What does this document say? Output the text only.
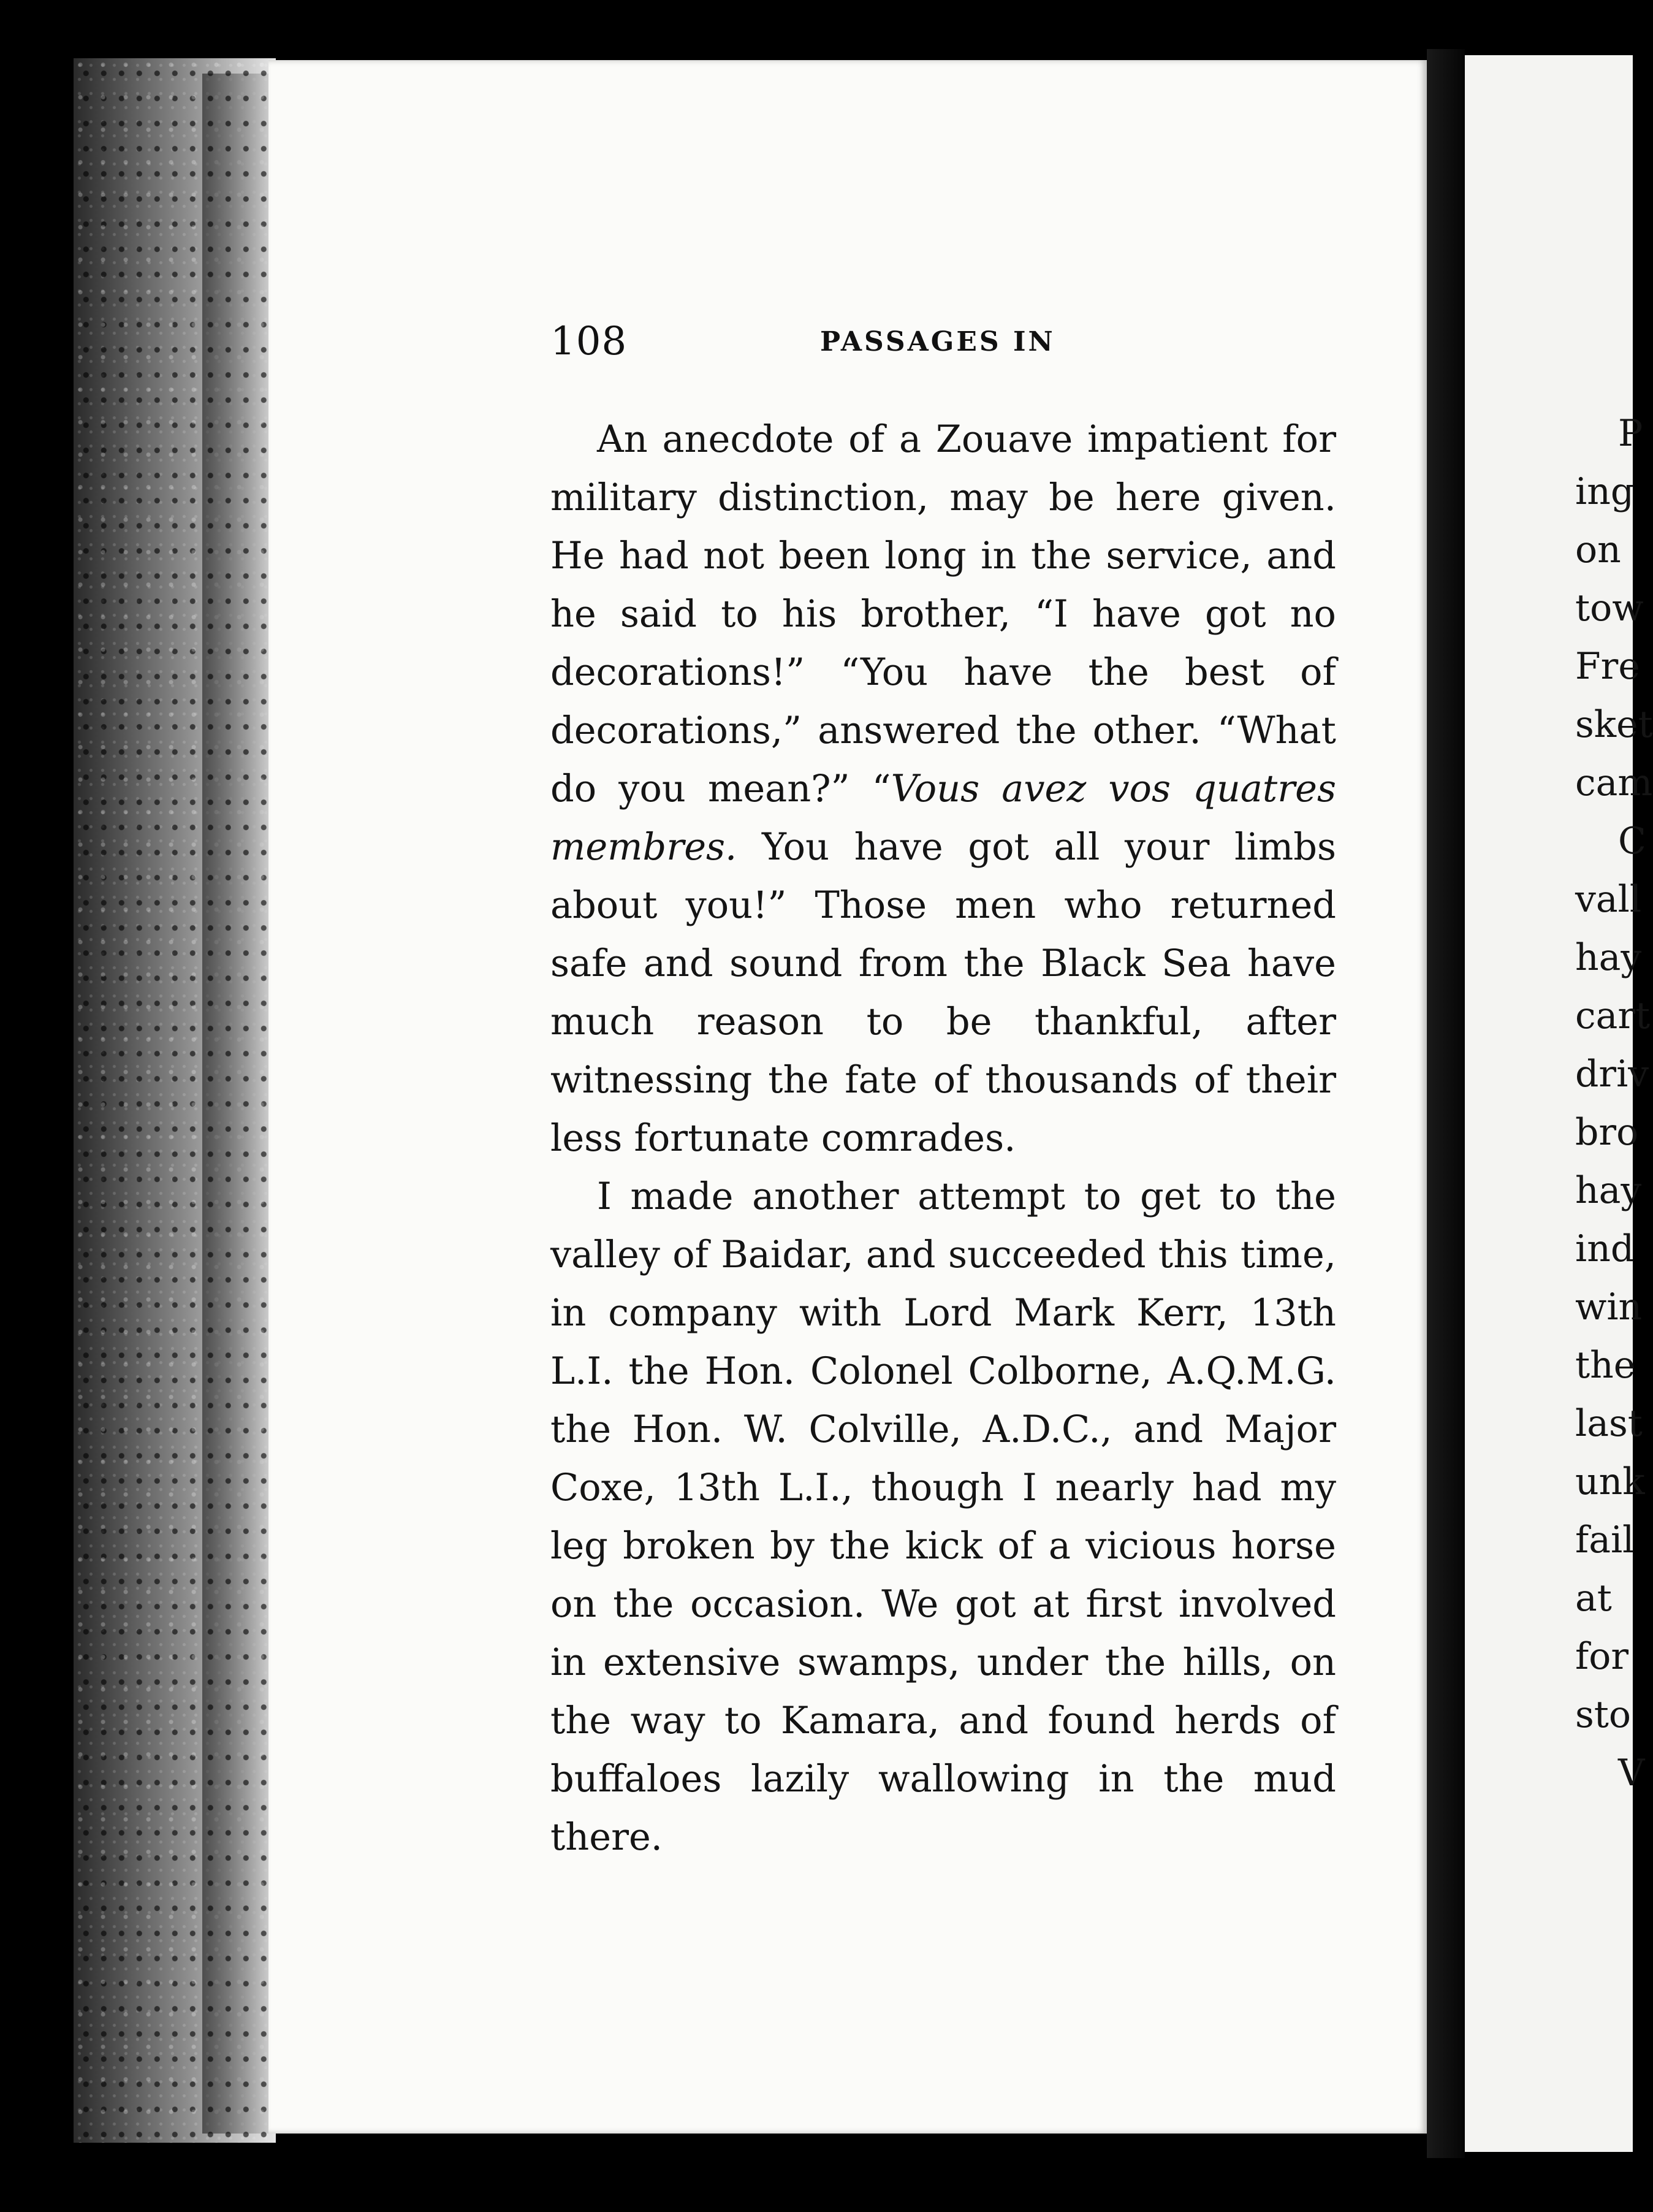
108	PASSAGES IN

An anecdote of a Zouave impatient for military distinction, may be here given. He had not been long in the service, and he said to his brother, “I have got no decorations!” “You have the best of decorations,” answered the other. “What do you mean?” “Vous avez vos quatres membres. You have got all your limbs about you!” Those men who returned safe and sound from the Black Sea have much reason to be thankful, after witnessing the fate of thousands of their less fortunate comrades.

I made another attempt to get to the valley of Baidar, and succeeded this time, in company with Lord Mark Kerr, 13th L.I. the Hon. Colonel Colborne, A.Q.M.G. the Hon. W. Colville, A.D.C., and Major Coxe, 13th L.I., though I nearly had my leg broken by the kick of a vicious horse on the occasion. We got at first involved in extensive swamps, under the hills, on the way to Kamara, and found herds of buffaloes lazily wallowing in the mud there.

P
ing
on
tow
Fre
sket
cam
C
vall
hay
cart
driv
bro
hay
ind
win
the
last
unk
fail
at
for
sto
V
